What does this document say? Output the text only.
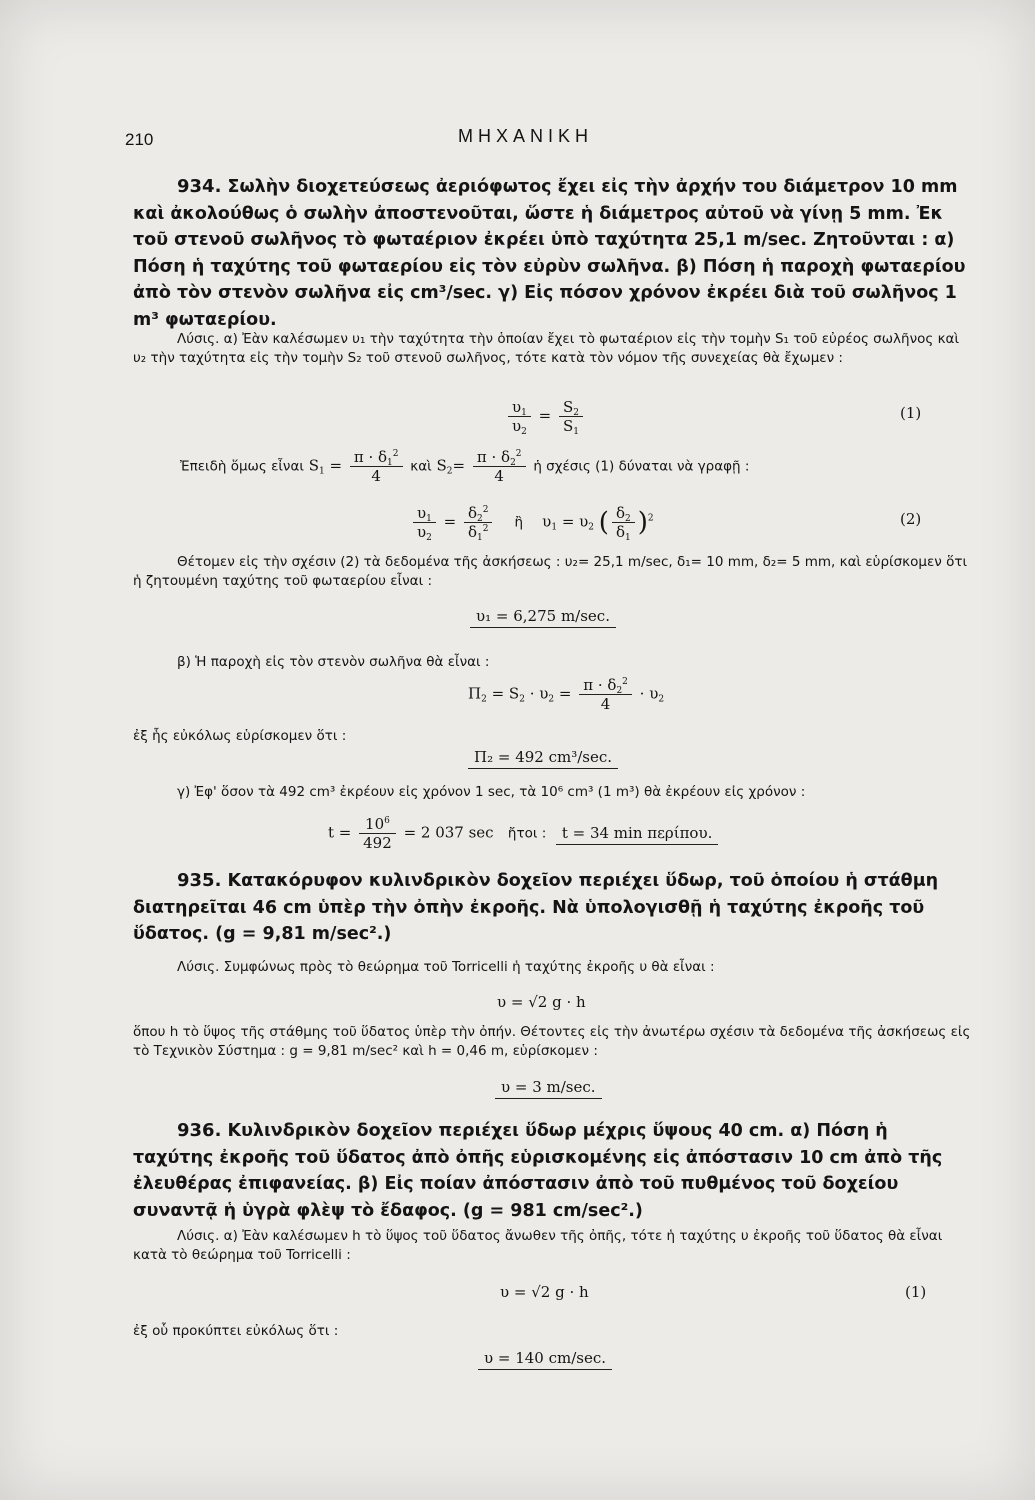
210	ΜΗΧΑΝΙΚΗ

934. Σωλὴν διοχετεύσεως ἀεριόφωτος ἔχει εἰς τὴν ἀρχήν του διάμετρον 10 mm καὶ ἀκολούθως ὁ σωλὴν ἀποστενοῦται, ὥστε ἡ διάμετρος αὐτοῦ νὰ γίνῃ 5 mm. Ἐκ τοῦ στενοῦ σωλῆνος τὸ φωταέριον ἐκρέει ὑπὸ ταχύτητα 25,1 m/sec. Ζητοῦνται : α) Πόση ἡ ταχύτης τοῦ φωταερίου εἰς τὸν εὐρὺν σωλῆνα. β) Πόση ἡ παροχὴ φωταερίου ἀπὸ τὸν στενὸν σωλῆνα εἰς cm³/sec. γ) Εἰς πόσον χρόνον ἐκρέει διὰ τοῦ σωλῆνος 1 m³ φωταερίου.

Λύσις. α) Ἐὰν καλέσωμεν υ₁ τὴν ταχύτητα τὴν ὁποίαν ἔχει τὸ φωταέριον εἰς τὴν τομὴν S₁ τοῦ εὐρέος σωλῆνος καὶ υ₂ τὴν ταχύτητα εἰς τὴν τομὴν S₂ τοῦ στενοῦ σωλῆνος, τότε κατὰ τὸν νόμον τῆς συνεχείας θὰ ἔχωμεν :

$\frac{\upsilon_1}{\upsilon_2} = \frac{S_2}{S_1}$	(1)
Ἐπειδὴ ὅμως εἶναι $S_1 = \frac{\pi \cdot \delta_1^2}{4}$ καὶ $S_2= \frac{\pi \cdot \delta_2^2}{4}$ ἡ σχέσις (1) δύναται νὰ γραφῇ :
$\frac{\upsilon_1}{\upsilon_2} = \frac{\delta_2^2}{\delta_1^2}$ ἢ    $\upsilon_1 = \upsilon_2$ ( $\frac{\delta_2}{\delta_1} )^2$	(2)

Θέτομεν εἰς τὴν σχέσιν (2) τὰ δεδομένα τῆς ἀσκήσεως : υ₂= 25,1 m/sec, δ₁= 10 mm, δ₂= 5 mm, καὶ εὑρίσκομεν ὅτι ἡ ζητουμένη ταχύτης τοῦ φωταερίου εἶναι :

υ₁ = 6,275 m/sec.

β) Ἡ παροχὴ εἰς τὸν στενὸν σωλῆνα θὰ εἶναι :

$\Pi_2 = S_2 \cdot \upsilon_2 = \frac{\pi \cdot \delta_2^2}{4} \cdot \upsilon_2$

ἐξ ἧς εὐκόλως εὑρίσκομεν ὅτι :

Π₂ = 492 cm³/sec.

γ) Ἐφ' ὅσον τὰ 492 cm³ ἐκρέουν εἰς χρόνον 1 sec, τὰ 10⁶ cm³ (1 m³) θὰ ἐκρέουν εἰς χρόνον :

$t = \frac{10^6}{492} = 2$ 037 sec ἤτοι : t = 34 min περίπου.

935. Κατακόρυφον κυλινδρικὸν δοχεῖον περιέχει ὕδωρ, τοῦ ὁποίου ἡ στάθμη διατηρεῖται 46 cm ὑπὲρ τὴν ὀπὴν ἐκροῆς. Νὰ ὑπολογισθῇ ἡ ταχύτης ἐκροῆς τοῦ ὕδατος. (g = 9,81 m/sec².)

Λύσις. Συμφώνως πρὸς τὸ θεώρημα τοῦ Torricelli ἡ ταχύτης ἐκροῆς υ θὰ εἶναι :

υ = √2 g · h

ὅπου h τὸ ὕψος τῆς στάθμης τοῦ ὕδατος ὑπὲρ τὴν ὀπήν. Θέτοντες εἰς τὴν ἀνωτέρω σχέσιν τὰ δεδομένα τῆς ἀσκήσεως εἰς τὸ Τεχνικὸν Σύστημα : g = 9,81 m/sec² καὶ h = 0,46 m, εὑρίσκομεν :

υ = 3 m/sec.

936. Κυλινδρικὸν δοχεῖον περιέχει ὕδωρ μέχρις ὕψους 40 cm. α) Πόση ἡ ταχύτης ἐκροῆς τοῦ ὕδατος ἀπὸ ὀπῆς εὑρισκομένης εἰς ἀπόστασιν 10 cm ἀπὸ τῆς ἐλευθέρας ἐπιφανείας. β) Εἰς ποίαν ἀπόστασιν ἀπὸ τοῦ πυθμένος τοῦ δοχείου συναντᾷ ἡ ὑγρὰ φλὲψ τὸ ἔδαφος. (g = 981 cm/sec².)

Λύσις. α) Ἐὰν καλέσωμεν h τὸ ὕψος τοῦ ὕδατος ἄνωθεν τῆς ὀπῆς, τότε ἡ ταχύτης υ ἐκροῆς τοῦ ὕδατος θὰ εἶναι κατὰ τὸ θεώρημα τοῦ Torricelli :

υ = √2 g · h	(1)

ἐξ οὗ προκύπτει εὐκόλως ὅτι :

υ = 140 cm/sec.
